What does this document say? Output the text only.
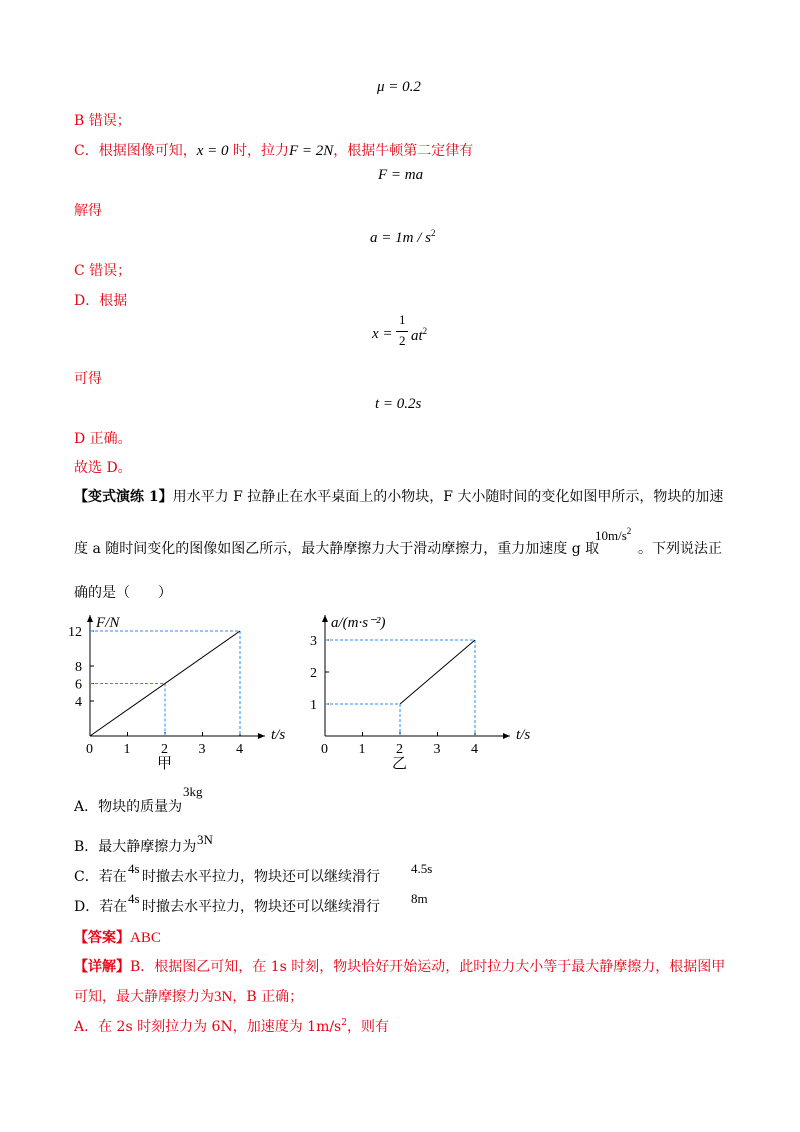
μ = 0.2
B 错误；
C．根据图像可知，x = 0 时，拉力F = 2N，根据牛顿第二定律有
F = ma
解得
$a = 1m / s^2$
C 错误；
D．根据
x =
1
2 $at^2$
可得
t = 0.2s
D 正确。
故选 D。
【变式演练 1】用水平力 F 拉静止在水平桌面上的小物块，F 大小随时间的变化如图甲所示，物块的加速
度 a 随时间变化的图像如图乙所示，最大静摩擦力大于滑动摩擦力，重力加速度 g 取
$10m/s^2$
。下列说法正
确的是（　　）
t/s
F/N
0 1 2 3 4
4
6
8
12
甲
t/s
a/(m·s⁻²)
0 1 2 3 4
1
2
3
乙
A．物块的质量为
3kg
B．最大静摩擦力为 3N
C．若在
4s
时撤去水平拉力，物块还可以继续滑行
4.5s
D．若在
4s
时撤去水平拉力，物块还可以继续滑行
8m
【答案】ABC
【详解】B．根据图乙可知，在 1s 时刻，物块恰好开始运动，此时拉力大小等于最大静摩擦力，根据图甲
可知，最大静摩擦力为3N，B 正确；
A．在 2s 时刻拉力为 6N，加速度为 $1m/s^2$，则有
